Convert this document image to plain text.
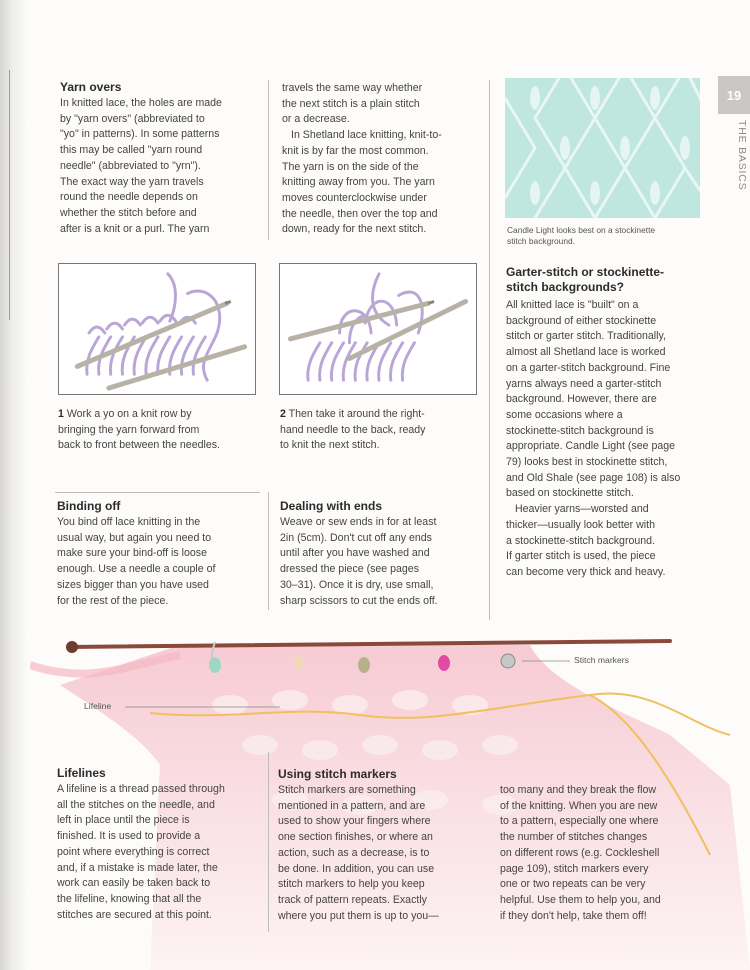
19
THE BASICS
Yarn overs

In knitted lace, the holes are made

by "yarn overs" (abbreviated to

"yo" in patterns). In some patterns

this may be called "yarn round

needle" (abbreviated to "yrn").

The exact way the yarn travels

round the needle depends on

whether the stitch before and

after is a knit or a purl. The yarn

travels the same way whether

the next stitch is a plain stitch

or a decrease.

In Shetland lace knitting, knit-to-

knit is by far the most common.

The yarn is on the side of the

knitting away from you. The yarn

moves counterclockwise under

the needle, then over the top and

down, ready for the next stitch.

1 Work a yo on a knit row by
bringing the yarn forward from
back to front between the needles.
2 Then take it around the right-
hand needle to the back, ready
to knit the next stitch.
Candle Light looks best on a stockinette
stitch background.
Garter-stitch or stockinette-
stitch backgrounds?

All knitted lace is "built" on a

background of either stockinette

stitch or garter stitch. Traditionally,

almost all Shetland lace is worked

on a garter-stitch background. Fine

yarns always need a garter-stitch

background. However, there are

some occasions where a

stockinette-stitch background is

appropriate. Candle Light (see page

79) looks best in stockinette stitch,

and Old Shale (see page 108) is also

based on stockinette stitch.

Heavier yarns—worsted and

thicker—usually look better with

a stockinette-stitch background.

If garter stitch is used, the piece

can become very thick and heavy.

Binding off

You bind off lace knitting in the

usual way, but again you need to

make sure your bind-off is loose

enough. Use a needle a couple of

sizes bigger than you have used

for the rest of the piece.

Dealing with ends

Weave or sew ends in for at least

2in (5cm). Don't cut off any ends

until after you have washed and

dressed the piece (see pages

30–31). Once it is dry, use small,

sharp scissors to cut the ends off.

Stitch markers
Lifeline
Lifelines

A lifeline is a thread passed through

all the stitches on the needle, and

left in place until the piece is

finished. It is used to provide a

point where everything is correct

and, if a mistake is made later, the

work can easily be taken back to

the lifeline, knowing that all the

stitches are secured at this point.

Using stitch markers

Stitch markers are something

mentioned in a pattern, and are

used to show your fingers where

one section finishes, or where an

action, such as a decrease, is to

be done. In addition, you can use

stitch markers to help you keep

track of pattern repeats. Exactly

where you put them is up to you—

too many and they break the flow

of the knitting. When you are new

to a pattern, especially one where

the number of stitches changes

on different rows (e.g. Cockleshell

page 109), stitch markers every

one or two repeats can be very

helpful. Use them to help you, and

if they don't help, take them off!
